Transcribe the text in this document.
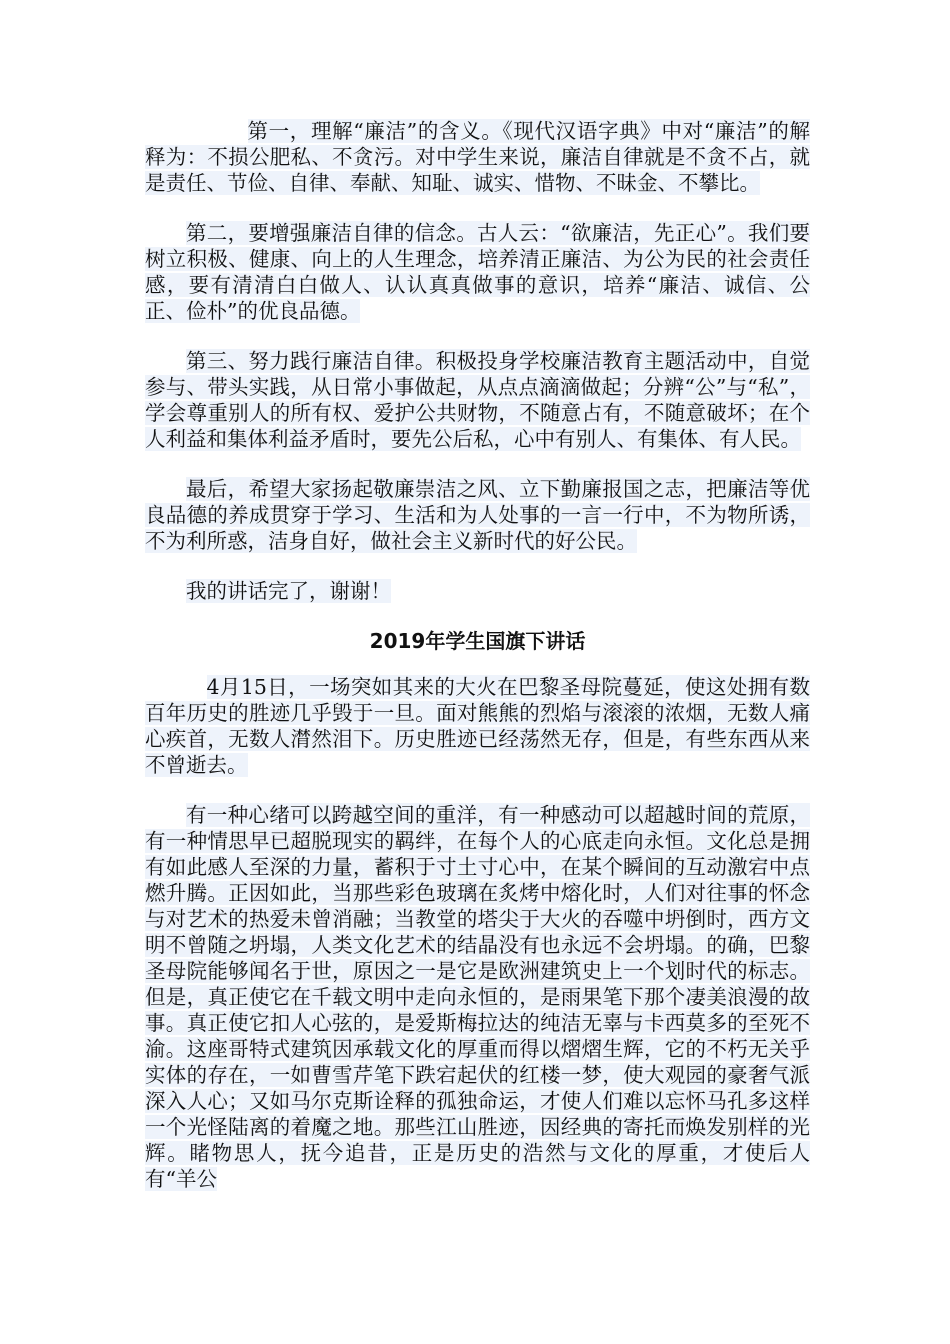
第一，理解“廉洁”的含义。《现代汉语字典》中对“廉洁”的解释为：不损公肥私、不贪污。对中学生来说，廉洁自律就是不贪不占，就是责任、节俭、自律、奉献、知耻、诚实、惜物、不昧金、不攀比。

第二，要增强廉洁自律的信念。古人云：“欲廉洁，先正心”。我们要树立积极、健康、向上的人生理念，培养清正廉洁、为公为民的社会责任感，要有清清白白做人、认认真真做事的意识，培养“廉洁、诚信、公正、俭朴”的优良品德。

第三、努力践行廉洁自律。积极投身学校廉洁教育主题活动中，自觉参与、带头实践，从日常小事做起，从点点滴滴做起；分辨“公”与“私”，学会尊重别人的所有权、爱护公共财物，不随意占有，不随意破坏；在个人利益和集体利益矛盾时，要先公后私，心中有别人、有集体、有人民。

最后，希望大家扬起敬廉崇洁之风、立下勤廉报国之志，把廉洁等优良品德的养成贯穿于学习、生活和为人处事的一言一行中，不为物所诱，不为利所惑，洁身自好，做社会主义新时代的好公民。

我的讲话完了，谢谢！

2019年学生国旗下讲话

4月15日，一场突如其来的大火在巴黎圣母院蔓延，使这处拥有数百年历史的胜迹几乎毁于一旦。面对熊熊的烈焰与滚滚的浓烟，无数人痛心疾首，无数人潸然泪下。历史胜迹已经荡然无存，但是，有些东西从来不曾逝去。

有一种心绪可以跨越空间的重洋，有一种感动可以超越时间的荒原，有一种情思早已超脱现实的羁绊，在每个人的心底走向永恒。文化总是拥有如此感人至深的力量，蓄积于寸土寸心中，在某个瞬间的互动激宕中点燃升腾。正因如此，当那些彩色玻璃在炙烤中熔化时，人们对往事的怀念与对艺术的热爱未曾消融；当教堂的塔尖于大火的吞噬中坍倒时，西方文明不曾随之坍塌，人类文化艺术的结晶没有也永远不会坍塌。的确，巴黎圣母院能够闻名于世，原因之一是它是欧洲建筑史上一个划时代的标志。但是，真正使它在千载文明中走向永恒的，是雨果笔下那个凄美浪漫的故事。真正使它扣人心弦的，是爱斯梅拉达的纯洁无辜与卡西莫多的至死不渝。这座哥特式建筑因承载文化的厚重而得以熠熠生辉，它的不朽无关乎实体的存在，一如曹雪芹笔下跌宕起伏的红楼一梦，使大观园的豪奢气派深入人心；又如马尔克斯诠释的孤独命运，才使人们难以忘怀马孔多这样一个光怪陆离的着魔之地。那些江山胜迹，因经典的寄托而焕发别样的光辉。睹物思人，抚今追昔，正是历史的浩然与文化的厚重，才使后人有“羊公
